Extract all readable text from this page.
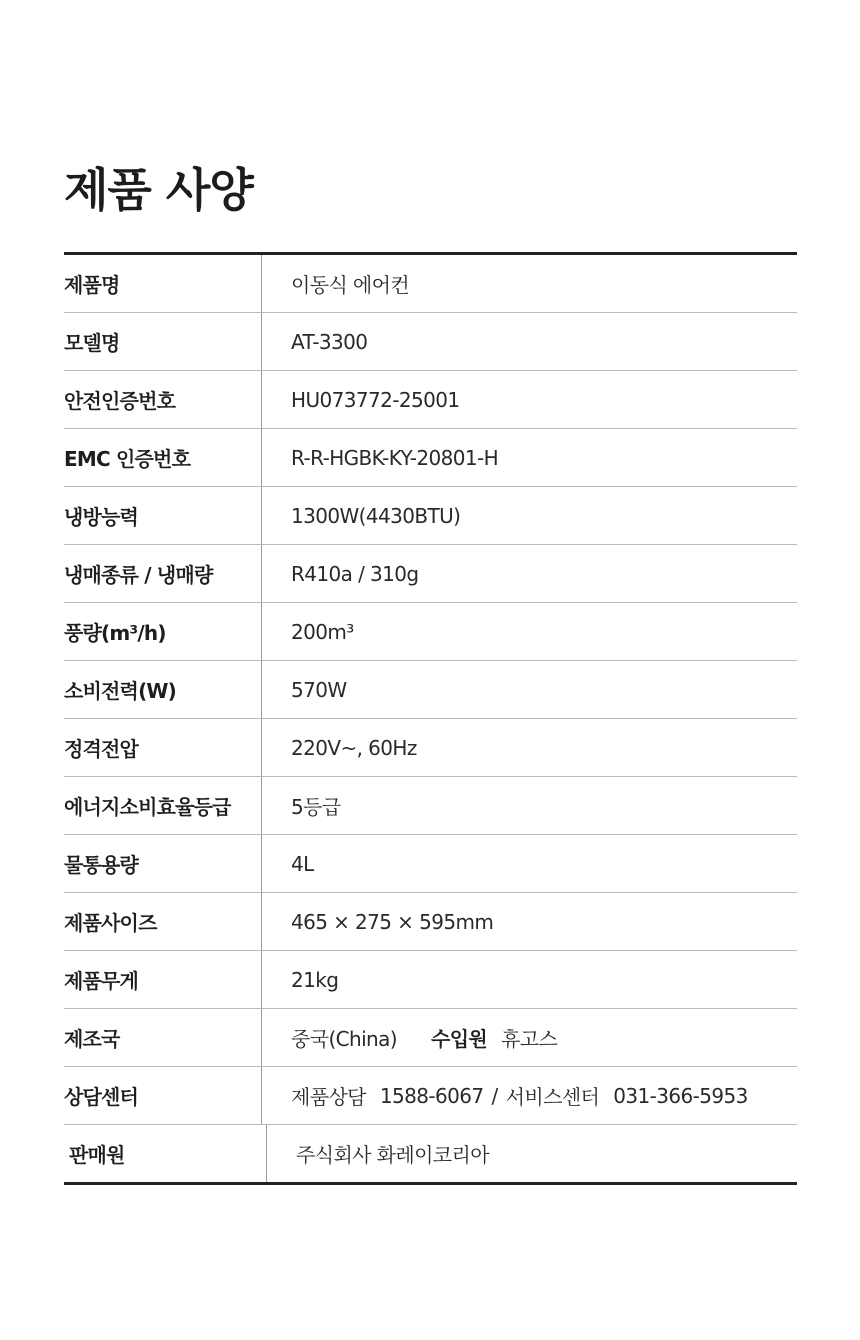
제품 사양
제품명	이동식 에어컨
모델명	AT-3300
안전인증번호	HU073772-25001
EMC 인증번호	R-R-HGBK-KY-20801-H
냉방능력	1300W(4430BTU)
냉매종류 / 냉매량	R410a / 310g
풍량(m³/h)	200m³
소비전력(W)	570W
정격전압	220V~, 60Hz
에너지소비효율등급	5등급
물통용량	4L
제품사이즈	465 × 275 × 595mm
제품무게	21kg
제조국	중국(China) 수입원 휴고스
상담센터	제품상담 1588-6067 / 서비스센터 031-366-5953
판매원	주식회사 화레이코리아
